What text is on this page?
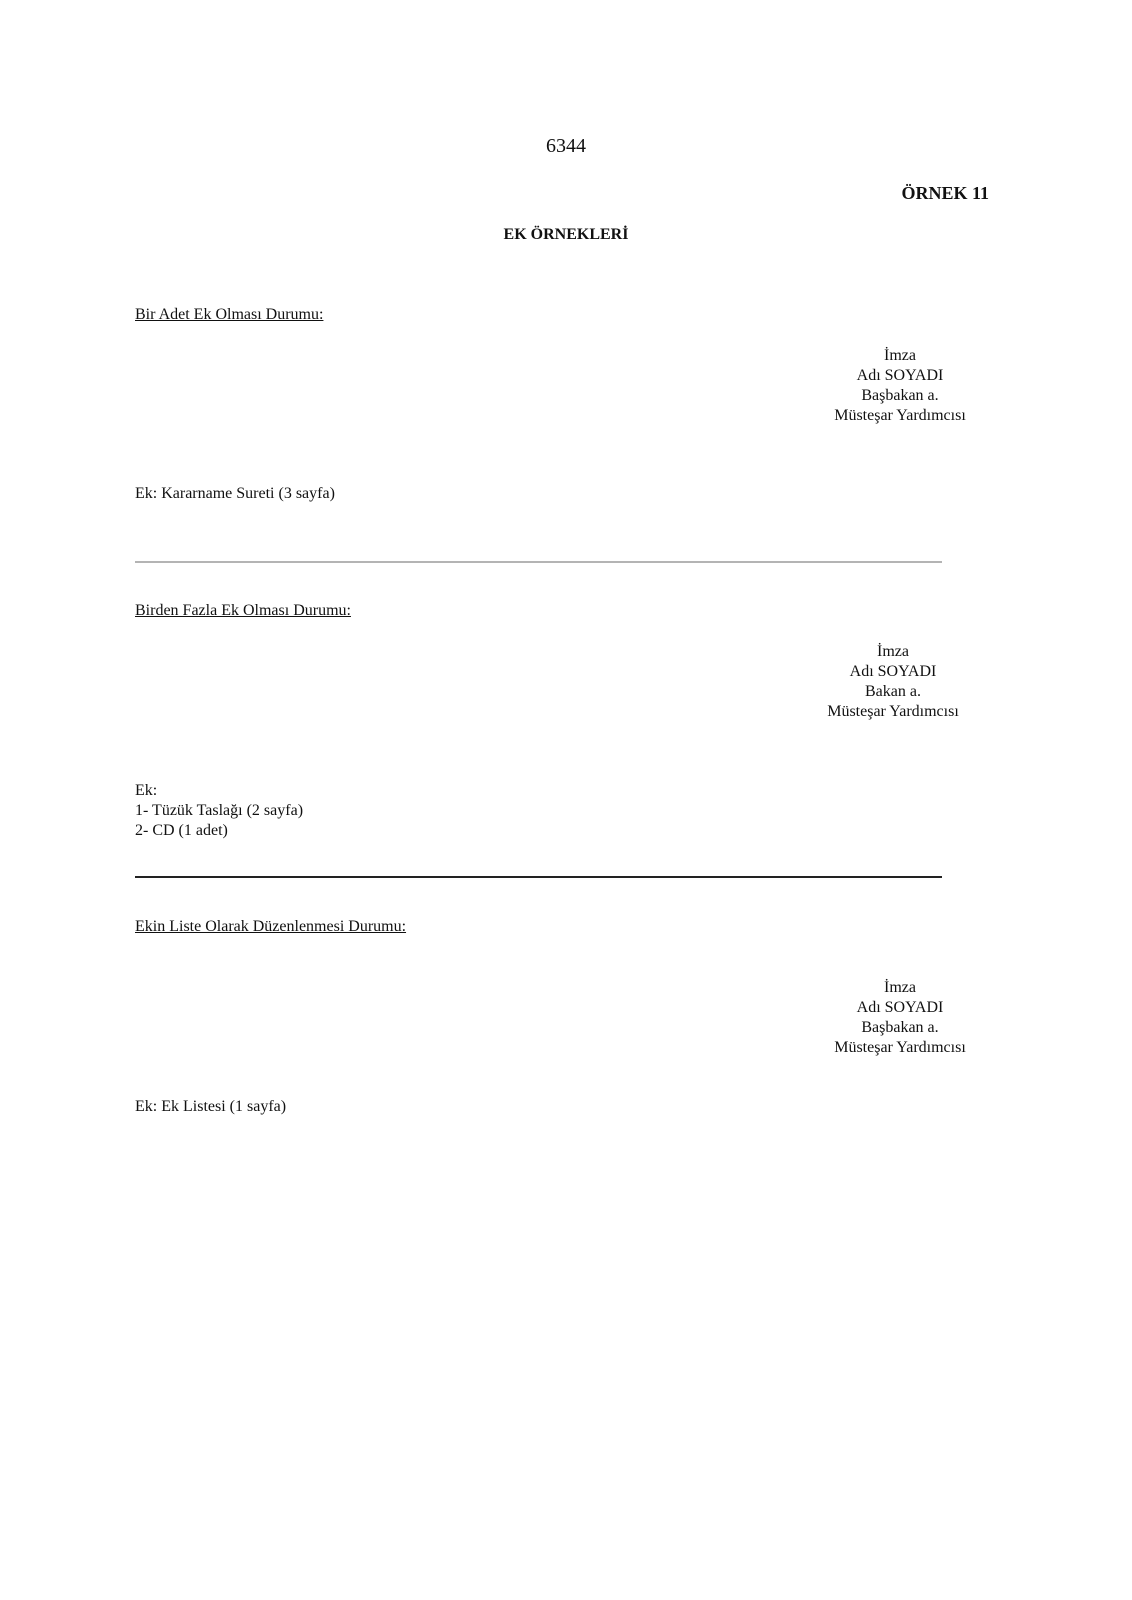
6344
ÖRNEK 11
EK ÖRNEKLERİ
Bir Adet Ek Olması Durumu:
İmza
Adı SOYADI
Başbakan a.
Müsteşar Yardımcısı
Ek: Kararname Sureti (3 sayfa)
Birden Fazla Ek Olması Durumu:
İmza
Adı SOYADI
Bakan a.
Müsteşar Yardımcısı
Ek:
1- Tüzük Taslağı (2 sayfa)
2- CD (1 adet)
Ekin Liste Olarak Düzenlenmesi Durumu:
İmza
Adı SOYADI
Başbakan a.
Müsteşar Yardımcısı
Ek: Ek Listesi (1 sayfa)
